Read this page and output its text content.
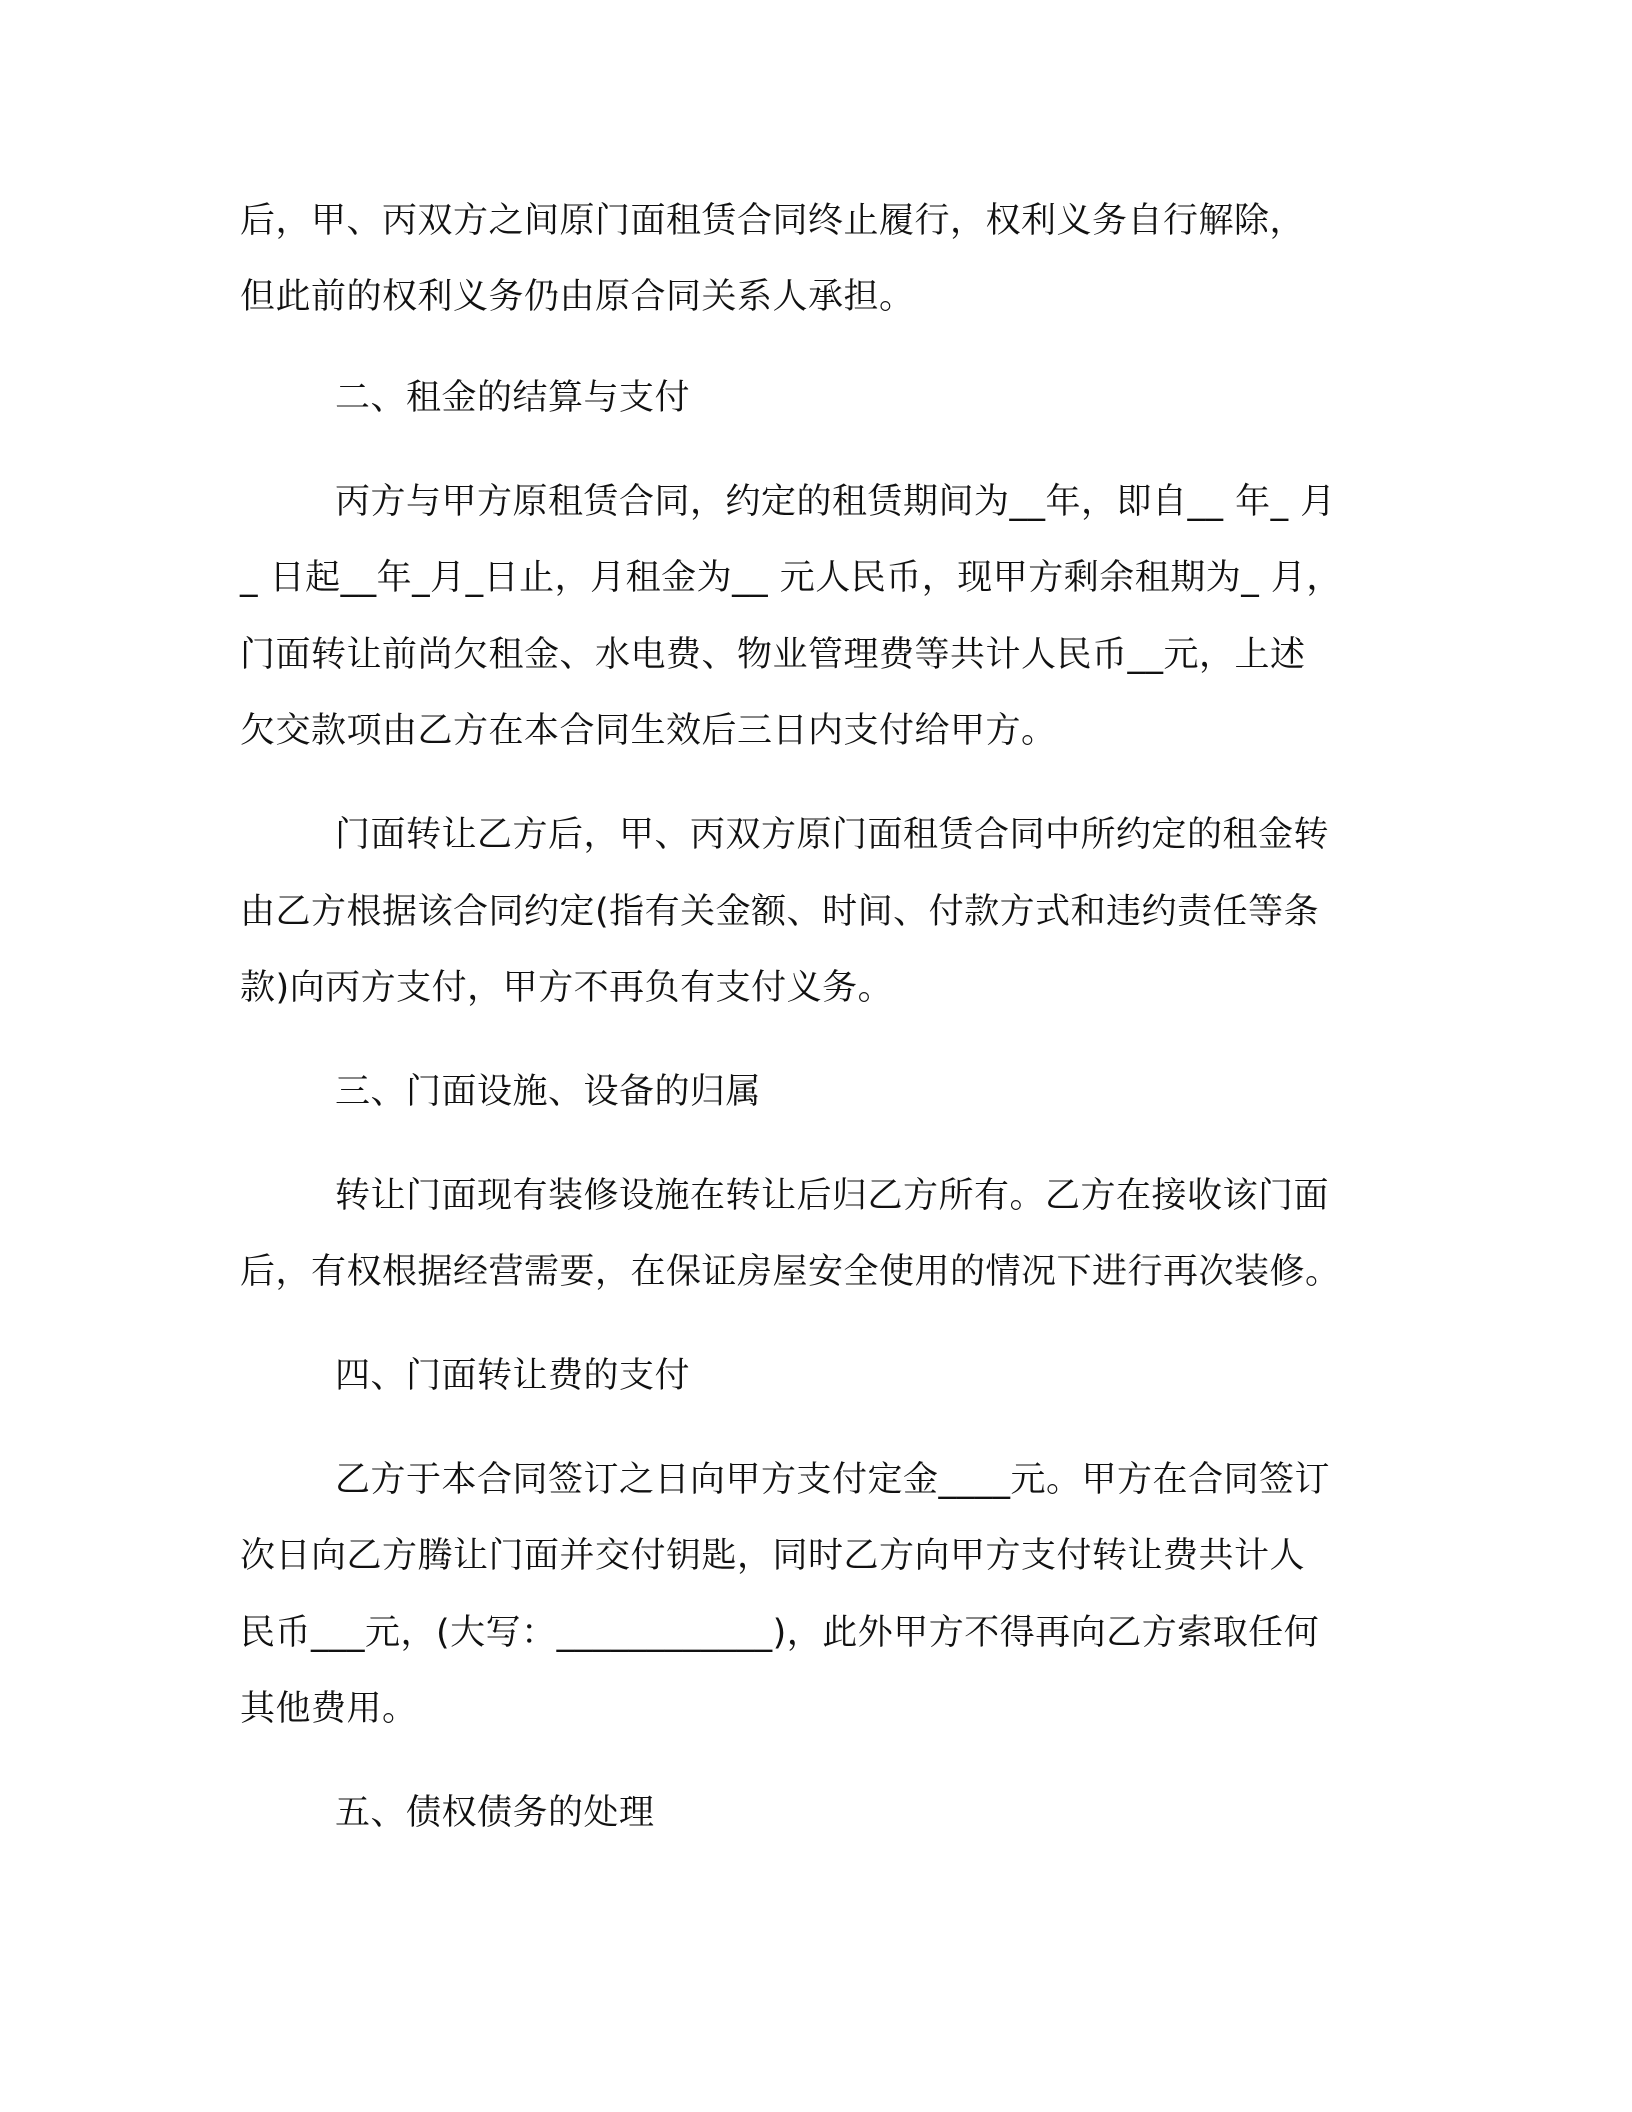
后，甲、丙双方之间原门面租赁合同终止履行，权利义务自行解除，
但此前的权利义务仍由原合同关系人承担。
二、租金的结算与支付
丙方与甲方原租赁合同，约定的租赁期间为__年，即自__ 年_ 月
_ 日起__年_月_日止，月租金为__ 元人民币，现甲方剩余租期为_ 月，
门面转让前尚欠租金、水电费、物业管理费等共计人民币__元，上述
欠交款项由乙方在本合同生效后三日内支付给甲方。
门面转让乙方后，甲、丙双方原门面租赁合同中所约定的租金转
由乙方根据该合同约定(指有关金额、时间、付款方式和违约责任等条
款)向丙方支付，甲方不再负有支付义务。
三、门面设施、设备的归属
转让门面现有装修设施在转让后归乙方所有。乙方在接收该门面
后，有权根据经营需要，在保证房屋安全使用的情况下进行再次装修。
四、门面转让费的支付
乙方于本合同签订之日向甲方支付定金____元。甲方在合同签订
次日向乙方腾让门面并交付钥匙，同时乙方向甲方支付转让费共计人
民币___元，(大写：____________)，此外甲方不得再向乙方索取任何
其他费用。
五、债权债务的处理
